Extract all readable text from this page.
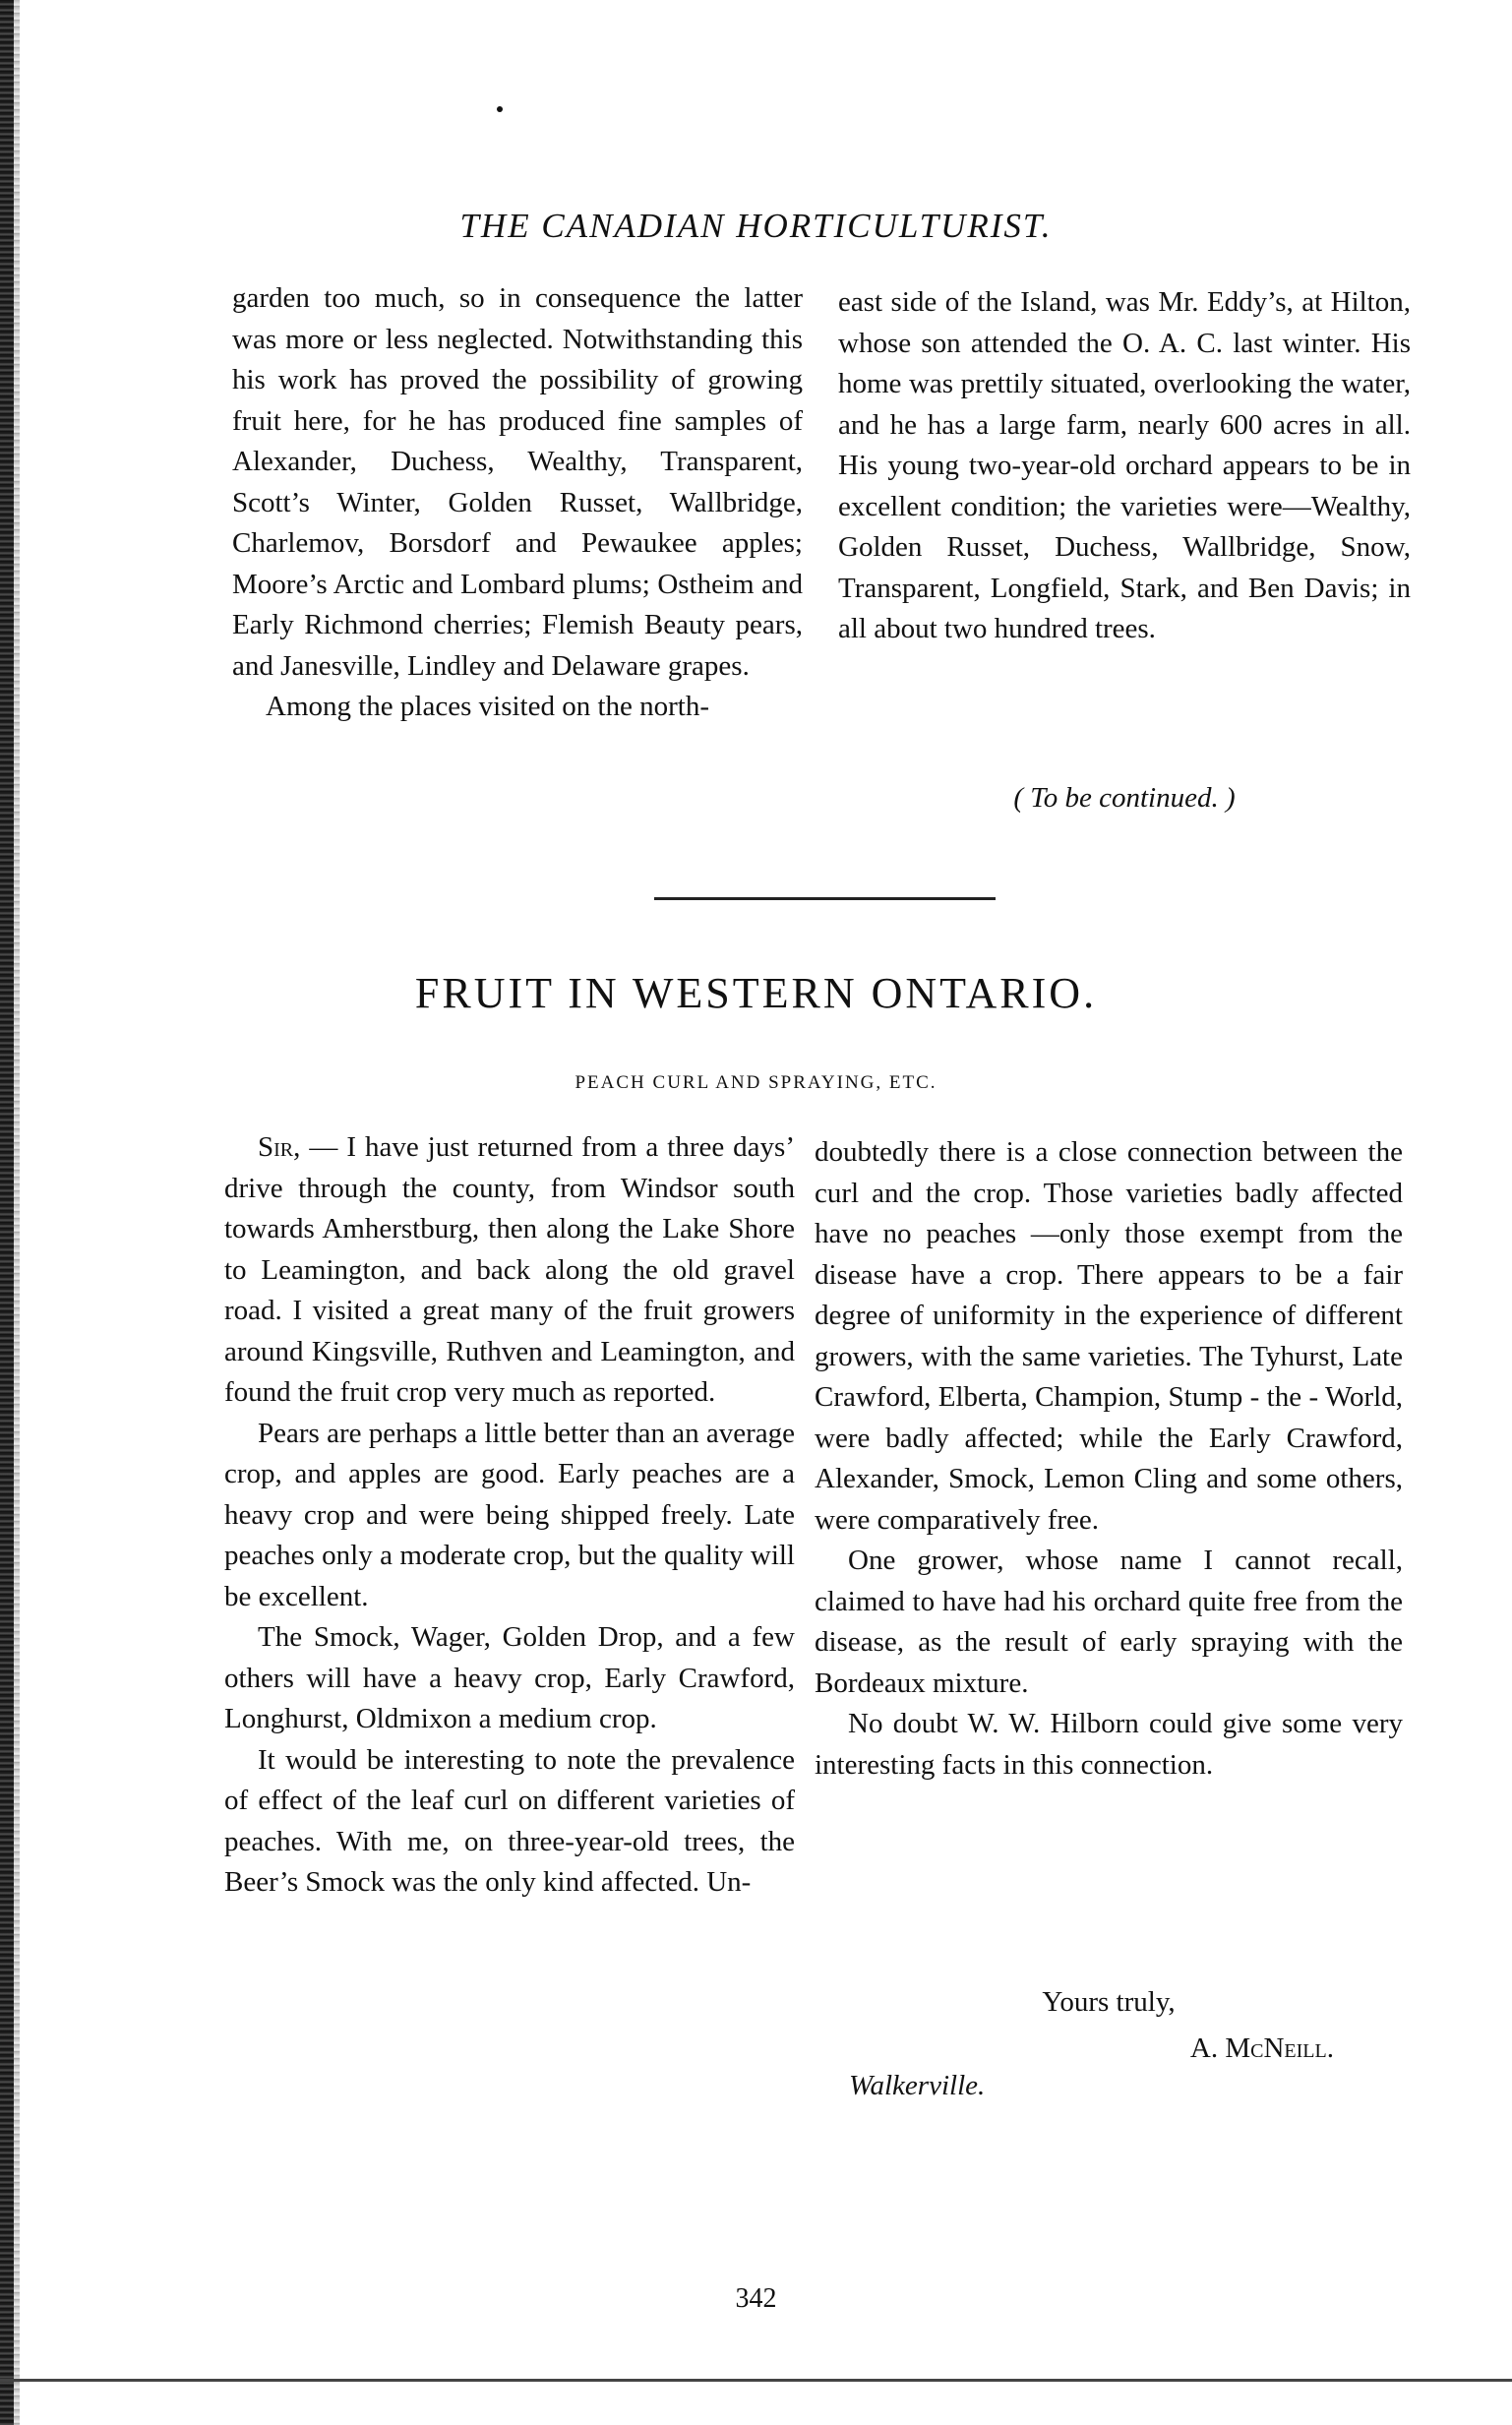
THE CANADIAN HORTICULTURIST.

garden too much, so in consequence the latter was more or less neglected. Notwithstanding this his work has proved the possibility of growing fruit here, for he has produced fine samples of Alexander, Duchess, Wealthy, Transparent, Scott’s Winter, Golden Russet, Wallbridge, Charlemov, Borsdorf and Pewaukee apples; Moore’s Arctic and Lombard plums; Ostheim and Early Richmond cherries; Flemish Beauty pears, and Janesville, Lindley and Delaware grapes.

Among the places visited on the north-

east side of the Island, was Mr. Eddy’s, at Hilton, whose son attended the O. A. C. last winter. His home was prettily situated, overlooking the water, and he has a large farm, nearly 600 acres in all. His young two-year-old orchard appears to be in excellent condition; the varieties were—Wealthy, Golden Russet, Duchess, Wallbridge, Snow, Transparent, Longfield, Stark, and Ben Davis; in all about two hundred trees.

( To be continued. )
FRUIT IN WESTERN ONTARIO.
PEACH CURL AND SPRAYING, ETC.

Sir, — I have just returned from a three days’ drive through the county, from Windsor south towards Amherstburg, then along the Lake Shore to Leamington, and back along the old gravel road. I visited a great many of the fruit growers around Kingsville, Ruthven and Leamington, and found the fruit crop very much as reported.

Pears are perhaps a little better than an average crop, and apples are good. Early peaches are a heavy crop and were being shipped freely. Late peaches only a moderate crop, but the quality will be excellent.

The Smock, Wager, Golden Drop, and a few others will have a heavy crop, Early Crawford, Longhurst, Oldmixon a medium crop.

It would be interesting to note the prevalence of effect of the leaf curl on different varieties of peaches. With me, on three-year-old trees, the Beer’s Smock was the only kind affected. Un-

doubtedly there is a close connection between the curl and the crop. Those varieties badly affected have no peaches —only those exempt from the disease have a crop. There appears to be a fair degree of uniformity in the experience of different growers, with the same varieties. The Tyhurst, Late Crawford, Elberta, Champion, Stump - the - World, were badly affected; while the Early Crawford, Alexander, Smock, Lemon Cling and some others, were comparatively free.

One grower, whose name I cannot recall, claimed to have had his orchard quite free from the disease, as the result of early spraying with the Bordeaux mixture.

No doubt W. W. Hilborn could give some very interesting facts in this connection.

Yours truly,
A. McNeill.
Walkerville.
342
